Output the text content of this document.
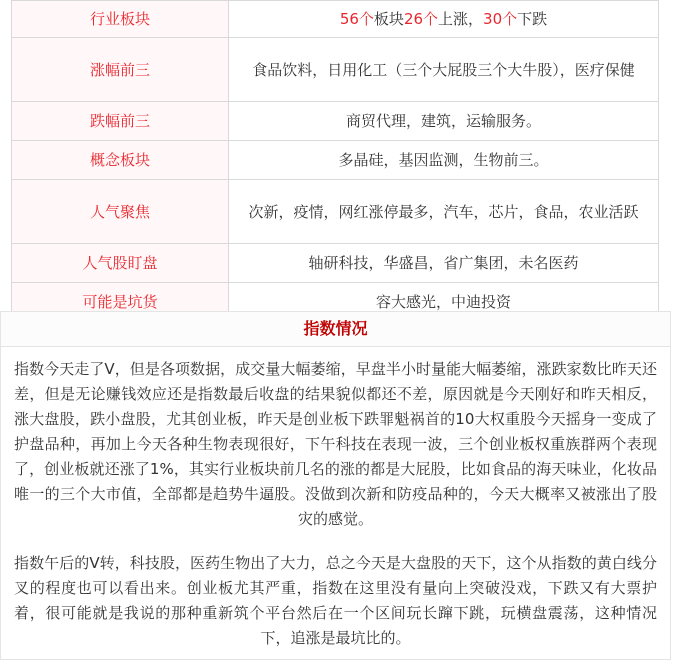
行业板块	56个板块26个上涨，30个下跌
涨幅前三	食品饮料，日用化工（三个大屁股三个大牛股），医疗保健
跌幅前三	商贸代理，建筑，运输服务。
概念板块	多晶硅，基因监测，生物前三。
人气聚焦	次新，疫情，网红涨停最多，汽车，芯片，食品，农业活跃
人气股盯盘	轴研科技，华盛昌，省广集团，未名医药
可能是坑货	容大感光，中迪投资
指数情况

指数今天走了V，但是各项数据，成交量大幅萎缩，早盘半小时量能大幅萎缩，涨跌家数比昨天还差，但是无论赚钱效应还是指数最后收盘的结果貌似都还不差，原因就是今天刚好和昨天相反，涨大盘股，跌小盘股，尤其创业板，昨天是创业板下跌罪魁祸首的10大权重股今天摇身一变成了护盘品种，再加上今天各种生物表现很好，下午科技在表现一波，三个创业板权重族群两个表现了，创业板就还涨了1%，其实行业板块前几名的涨的都是大屁股，比如食品的海天味业，化妆品唯一的三个大市值，全部都是趋势牛逼股。没做到次新和防疫品种的，今天大概率又被涨出了股灾的感觉。

指数午后的V转，科技股，医药生物出了大力，总之今天是大盘股的天下，这个从指数的黄白线分叉的程度也可以看出来。创业板尤其严重，指数在这里没有量向上突破没戏，下跌又有大票护着，很可能就是我说的那种重新筑个平台然后在一个区间玩长蹿下跳，玩横盘震荡，这种情况下，追涨是最坑比的。
